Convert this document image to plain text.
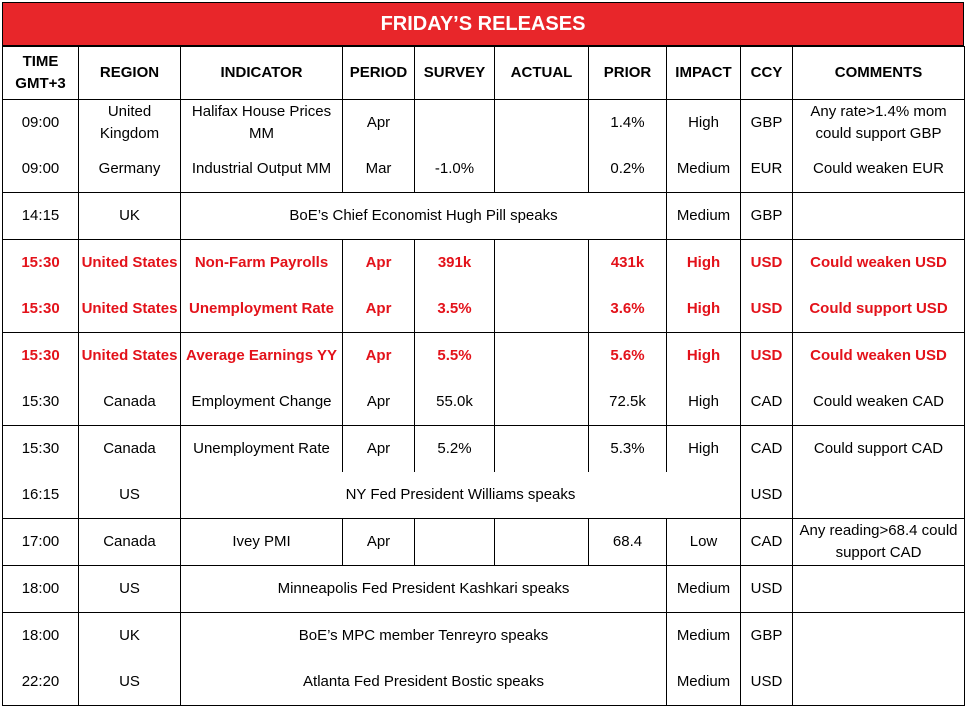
FRIDAY’S RELEASES
TIME GMT+3	REGION	INDICATOR	PERIOD	SURVEY	ACTUAL	PRIOR	IMPACT	CCY	COMMENTS
09:00	United Kingdom	Halifax House Prices MM	Apr			1.4%	High	GBP	Any rate>1.4% mom could support GBP
09:00	Germany	Industrial Output MM	Mar	-1.0%		0.2%	Medium	EUR	Could weaken EUR
14:15	UK	BoE’s Chief Economist Hugh Pill speaks					Medium	GBP	
15:30	United States	Non-Farm Payrolls	Apr	391k		431k	High	USD	Could weaken USD
15:30	United States	Unemployment Rate	Apr	3.5%		3.6%	High	USD	Could support USD
15:30	United States	Average Earnings YY	Apr	5.5%		5.6%	High	USD	Could weaken USD
15:30	Canada	Employment Change	Apr	55.0k		72.5k	High	CAD	Could weaken CAD
15:30	Canada	Unemployment Rate	Apr	5.2%		5.3%	High	CAD	Could support CAD
16:15	US	NY Fed President Williams speaks						USD	
17:00	Canada	Ivey PMI	Apr			68.4	Low	CAD	Any reading>68.4 could support CAD
18:00	US	Minneapolis Fed President Kashkari speaks					Medium	USD	
18:00	UK	BoE’s MPC member Tenreyro speaks					Medium	GBP	
22:20	US	Atlanta Fed President Bostic speaks					Medium	USD	
